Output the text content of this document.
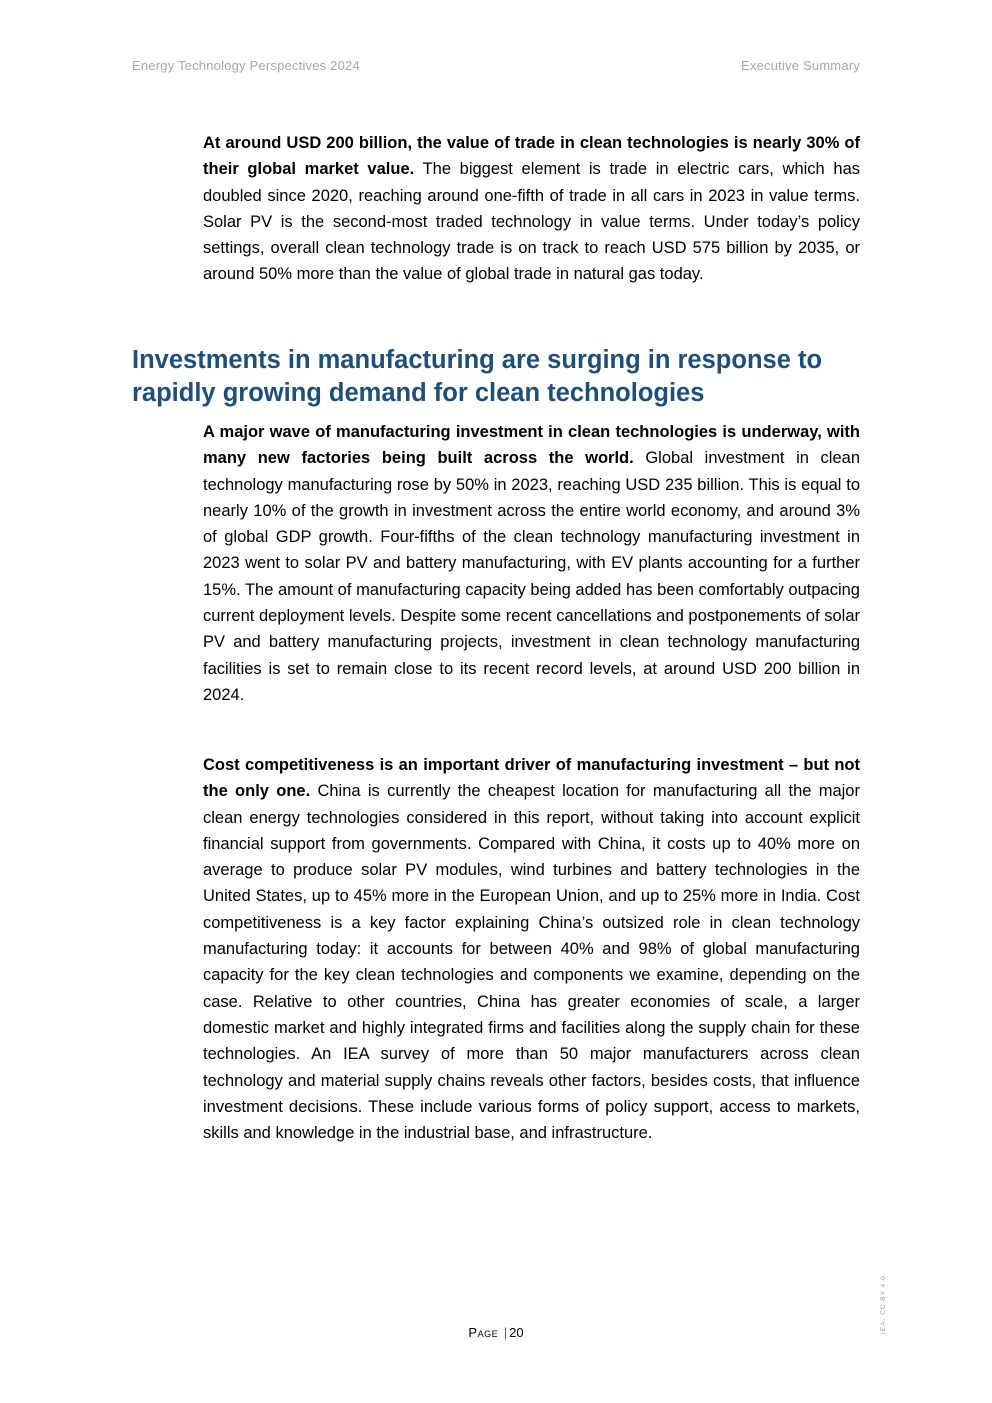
Energy Technology Perspectives 2024	Executive Summary

At around USD 200 billion, the value of trade in clean technologies is nearly 30% of their global market value. The biggest element is trade in electric cars, which has doubled since 2020, reaching around one-fifth of trade in all cars in 2023 in value terms. Solar PV is the second-most traded technology in value terms. Under today’s policy settings, overall clean technology trade is on track to reach USD 575 billion by 2035, or around 50% more than the value of global trade in natural gas today.

Investments in manufacturing are surging in response to rapidly growing demand for clean technologies

A major wave of manufacturing investment in clean technologies is underway, with many new factories being built across the world. Global investment in clean technology manufacturing rose by 50% in 2023, reaching USD 235 billion. This is equal to nearly 10% of the growth in investment across the entire world economy, and around 3% of global GDP growth. Four-fifths of the clean technology manufacturing investment in 2023 went to solar PV and battery manufacturing, with EV plants accounting for a further 15%. The amount of manufacturing capacity being added has been comfortably outpacing current deployment levels. Despite some recent cancellations and postponements of solar PV and battery manufacturing projects, investment in clean technology manufacturing facilities is set to remain close to its recent record levels, at around USD 200 billion in 2024.

Cost competitiveness is an important driver of manufacturing investment – but not the only one. China is currently the cheapest location for manufacturing all the major clean energy technologies considered in this report, without taking into account explicit financial support from governments. Compared with China, it costs up to 40% more on average to produce solar PV modules, wind turbines and battery technologies in the United States, up to 45% more in the European Union, and up to 25% more in India. Cost competitiveness is a key factor explaining China’s outsized role in clean technology manufacturing today: it accounts for between 40% and 98% of global manufacturing capacity for the key clean technologies and components we examine, depending on the case. Relative to other countries, China has greater economies of scale, a larger domestic market and highly integrated firms and facilities along the supply chain for these technologies. An IEA survey of more than 50 major manufacturers across clean technology and material supply chains reveals other factors, besides costs, that influence investment decisions. These include various forms of policy support, access to markets, skills and knowledge in the industrial base, and infrastructure.

Page | 20	IEA. CC BY 4.0.
